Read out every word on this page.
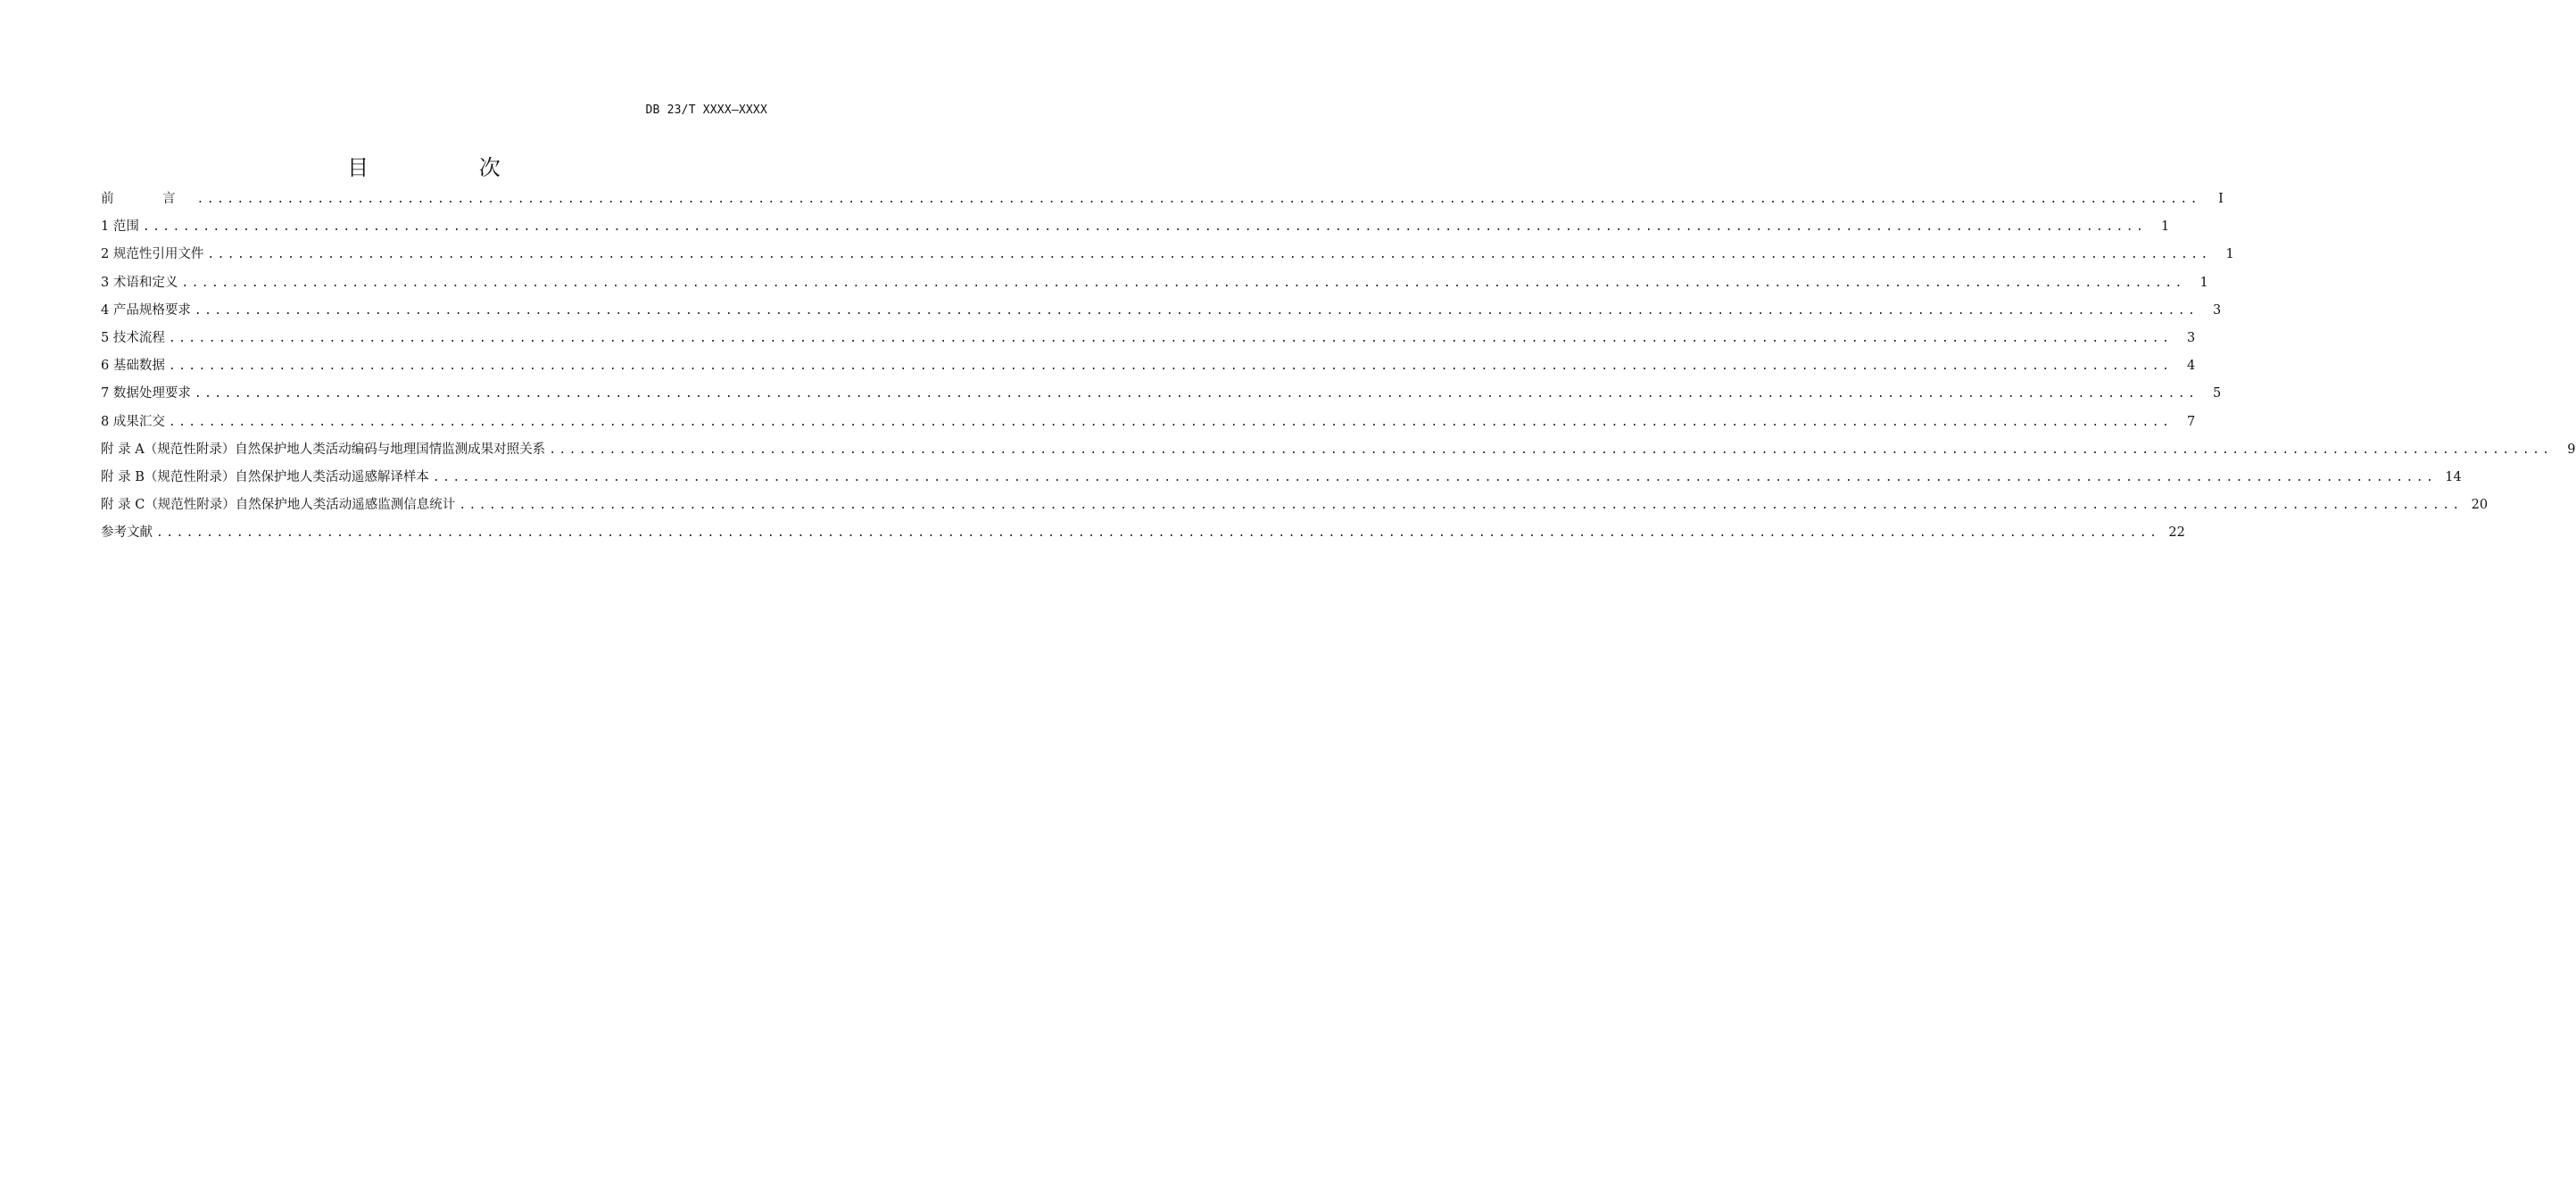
DB 23/T XXXX—XXXX
目 次
前　言 ........................................................................................................................................................................................................	I
1 范围 ........................................................................................................................................................................................................	1
2 规范性引用文件 ........................................................................................................................................................................................................	1
3 术语和定义 ........................................................................................................................................................................................................	1
4 产品规格要求 ........................................................................................................................................................................................................	3
5 技术流程 ........................................................................................................................................................................................................	3
6 基础数据 ........................................................................................................................................................................................................	4
7 数据处理要求 ........................................................................................................................................................................................................	5
8 成果汇交 ........................................................................................................................................................................................................	7
附 录 A（规范性附录）自然保护地人类活动编码与地理国情监测成果对照关系 ........................................................................................................................................................................................................	9
附 录 B（规范性附录）自然保护地人类活动遥感解译样本 ........................................................................................................................................................................................................ 14
附 录 C（规范性附录）自然保护地人类活动遥感监测信息统计 ........................................................................................................................................................................................................ 20
参考文献 ........................................................................................................................................................................................................ 22
